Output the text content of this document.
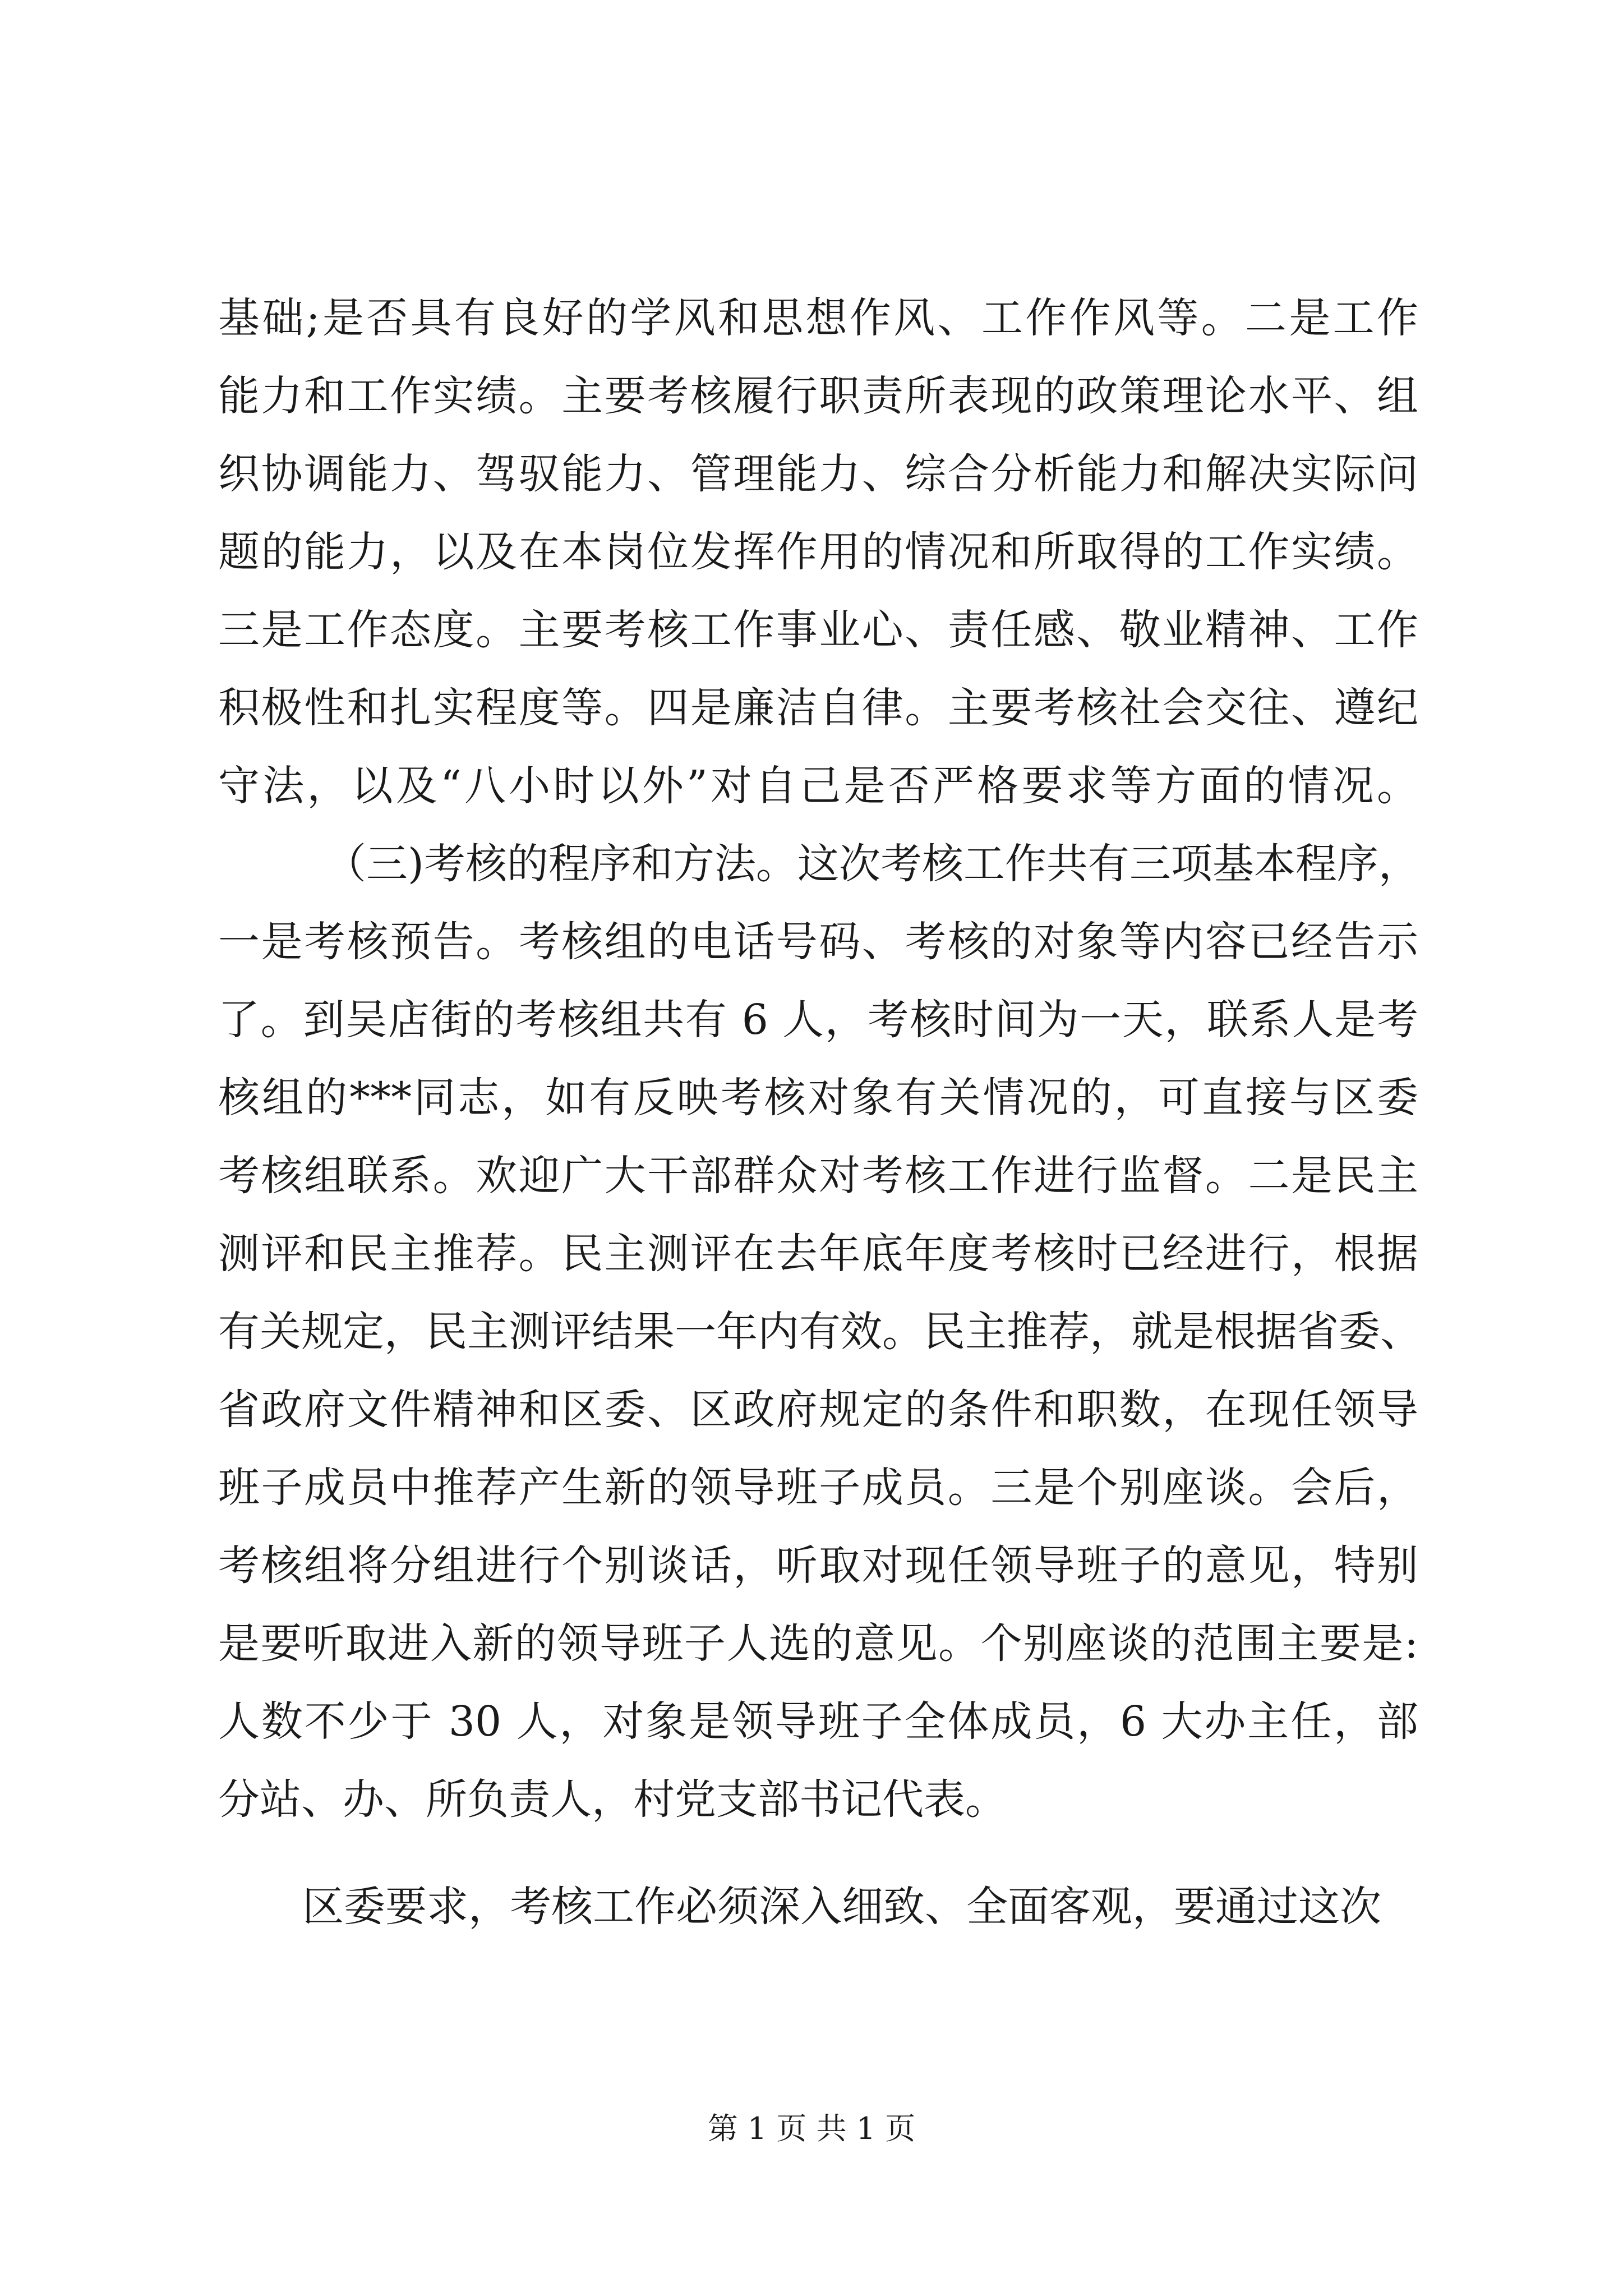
基础;是否具有良好的学风和思想作风、工作作风等。二是工作
能力和工作实绩。主要考核履行职责所表现的政策理论水平、组
织协调能力、驾驭能力、管理能力、综合分析能力和解决实际问
题的能力，以及在本岗位发挥作用的情况和所取得的工作实绩。
三是工作态度。主要考核工作事业心、责任感、敬业精神、工作
积极性和扎实程度等。四是廉洁自律。主要考核社会交往、遵纪
守法，以及“八小时以外”对自己是否严格要求等方面的情况。
（三)考核的程序和方法。这次考核工作共有三项基本程序，
一是考核预告。考核组的电话号码、考核的对象等内容已经告示
了。到吴店街的考核组共有 6 人，考核时间为一天，联系人是考
核组的***同志，如有反映考核对象有关情况的，可直接与区委
考核组联系。欢迎广大干部群众对考核工作进行监督。二是民主
测评和民主推荐。民主测评在去年底年度考核时已经进行，根据
有关规定，民主测评结果一年内有效。民主推荐，就是根据省委、
省政府文件精神和区委、区政府规定的条件和职数，在现任领导
班子成员中推荐产生新的领导班子成员。三是个别座谈。会后，
考核组将分组进行个别谈话，听取对现任领导班子的意见，特别
是要听取进入新的领导班子人选的意见。个别座谈的范围主要是:
人数不少于 30 人，对象是领导班子全体成员，6 大办主任，部
分站、办、所负责人，村党支部书记代表。
区委要求，考核工作必须深入细致、全面客观，要通过这次
第 1 页 共 1 页
